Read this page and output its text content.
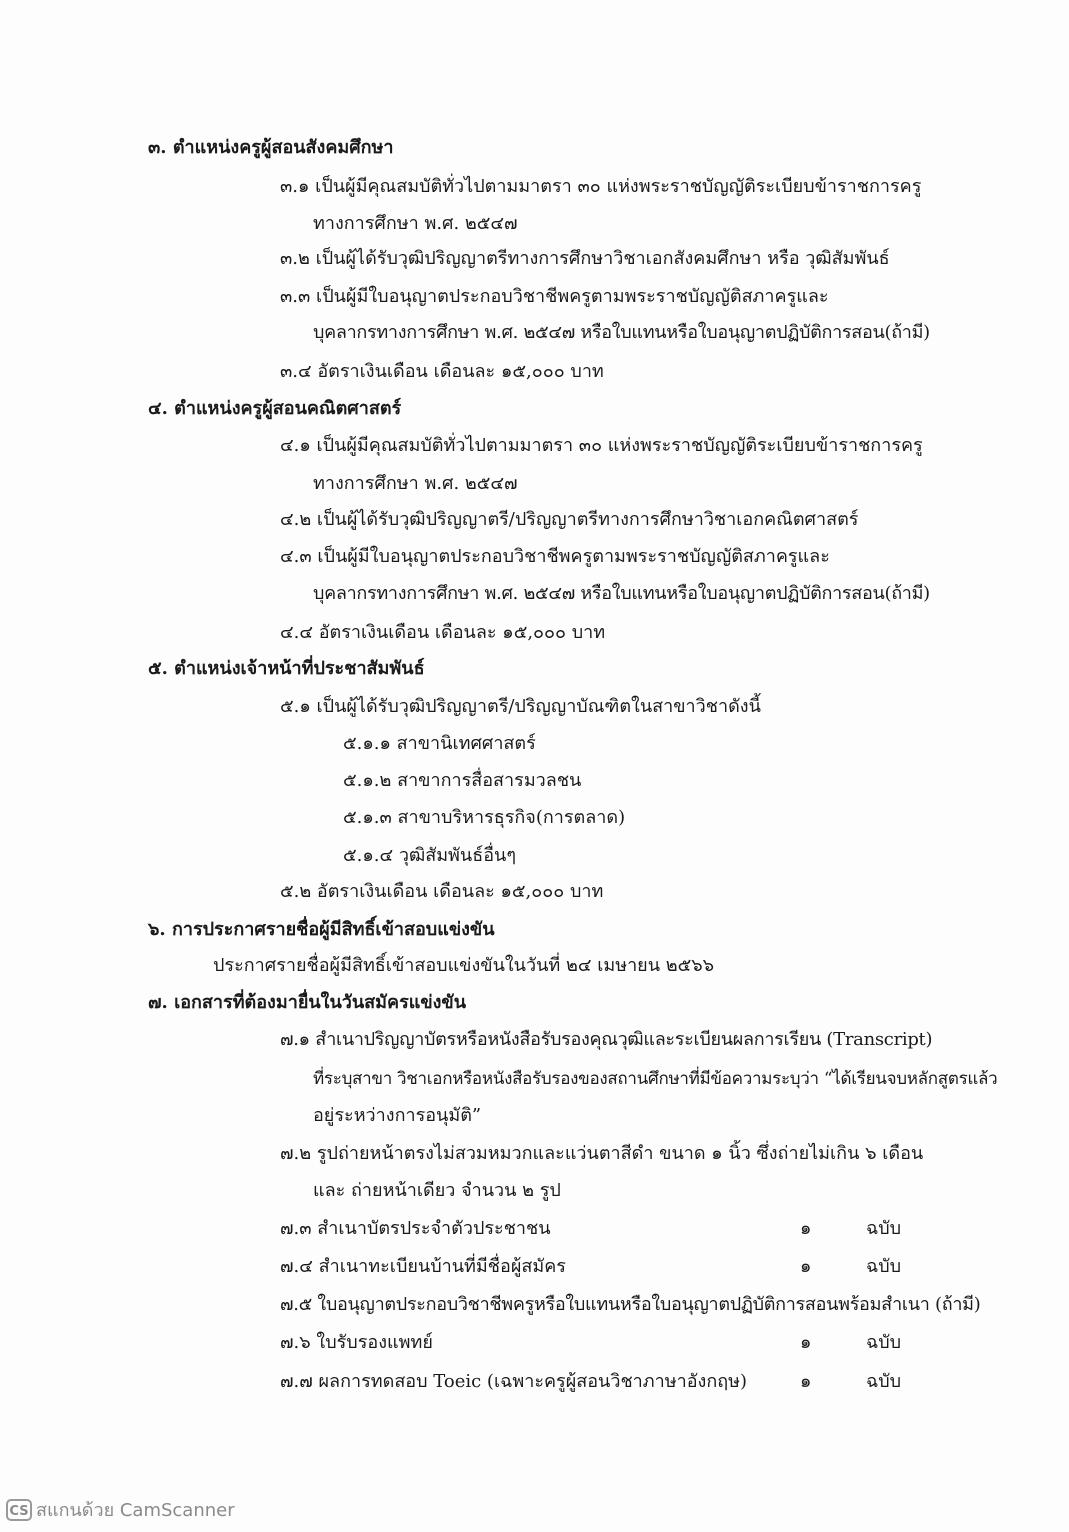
๓. ตำแหน่งครูผู้สอนสังคมศึกษา
๓.๑ เป็นผู้มีคุณสมบัติทั่วไปตามมาตรา ๓๐ แห่งพระราชบัญญัติระเบียบข้าราชการครู
ทางการศึกษา พ.ศ. ๒๕๔๗
๓.๒ เป็นผู้ได้รับวุฒิปริญญาตรีทางการศึกษาวิชาเอกสังคมศึกษา หรือ วุฒิสัมพันธ์
๓.๓ เป็นผู้มีใบอนุญาตประกอบวิชาชีพครูตามพระราชบัญญัติสภาครูและ
บุคลากรทางการศึกษา พ.ศ. ๒๕๔๗ หรือใบแทนหรือใบอนุญาตปฏิบัติการสอน(ถ้ามี)
๓.๔ อัตราเงินเดือน เดือนละ ๑๕,๐๐๐ บาท
๔. ตำแหน่งครูผู้สอนคณิตศาสตร์
๔.๑ เป็นผู้มีคุณสมบัติทั่วไปตามมาตรา ๓๐ แห่งพระราชบัญญัติระเบียบข้าราชการครู
ทางการศึกษา พ.ศ. ๒๕๔๗
๔.๒ เป็นผู้ได้รับวุฒิปริญญาตรี/ปริญญาตรีทางการศึกษาวิชาเอกคณิตศาสตร์
๔.๓ เป็นผู้มีใบอนุญาตประกอบวิชาชีพครูตามพระราชบัญญัติสภาครูและ
บุคลากรทางการศึกษา พ.ศ. ๒๕๔๗ หรือใบแทนหรือใบอนุญาตปฏิบัติการสอน(ถ้ามี)
๔.๔ อัตราเงินเดือน เดือนละ ๑๕,๐๐๐ บาท
๕. ตำแหน่งเจ้าหน้าที่ประชาสัมพันธ์
๕.๑ เป็นผู้ได้รับวุฒิปริญญาตรี/ปริญญาบัณฑิตในสาขาวิชาดังนี้
๕.๑.๑ สาขานิเทศศาสตร์
๕.๑.๒ สาขาการสื่อสารมวลชน
๕.๑.๓ สาขาบริหารธุรกิจ(การตลาด)
๕.๑.๔ วุฒิสัมพันธ์อื่นๆ
๕.๒ อัตราเงินเดือน เดือนละ ๑๕,๐๐๐ บาท
๖. การประกาศรายชื่อผู้มีสิทธิ์เข้าสอบแข่งขัน
ประกาศรายชื่อผู้มีสิทธิ์เข้าสอบแข่งขันในวันที่ ๒๔ เมษายน ๒๕๖๖
๗. เอกสารที่ต้องมายื่นในวันสมัครแข่งขัน
๗.๑ สำเนาปริญญาบัตรหรือหนังสือรับรองคุณวุฒิและระเบียนผลการเรียน (Transcript)
ที่ระบุสาขา วิชาเอกหรือหนังสือรับรองของสถานศึกษาที่มีข้อความระบุว่า “ได้เรียนจบหลักสูตรแล้ว
อยู่ระหว่างการอนุมัติ”
๗.๒ รูปถ่ายหน้าตรงไม่สวมหมวกและแว่นตาสีดำ ขนาด ๑ นิ้ว ซึ่งถ่ายไม่เกิน ๖ เดือน
และ ถ่ายหน้าเดียว จำนวน ๒ รูป
๗.๓ สำเนาบัตรประจำตัวประชาชน	๑	ฉบับ
๗.๔ สำเนาทะเบียนบ้านที่มีชื่อผู้สมัคร	๑	ฉบับ
๗.๕ ใบอนุญาตประกอบวิชาชีพครูหรือใบแทนหรือใบอนุญาตปฏิบัติการสอนพร้อมสำเนา (ถ้ามี)
๗.๖ ใบรับรองแพทย์	๑	ฉบับ
๗.๗ ผลการทดสอบ Toeic (เฉพาะครูผู้สอนวิชาภาษาอังกฤษ)	๑	ฉบับ
CS สแกนด้วย CamScanner
